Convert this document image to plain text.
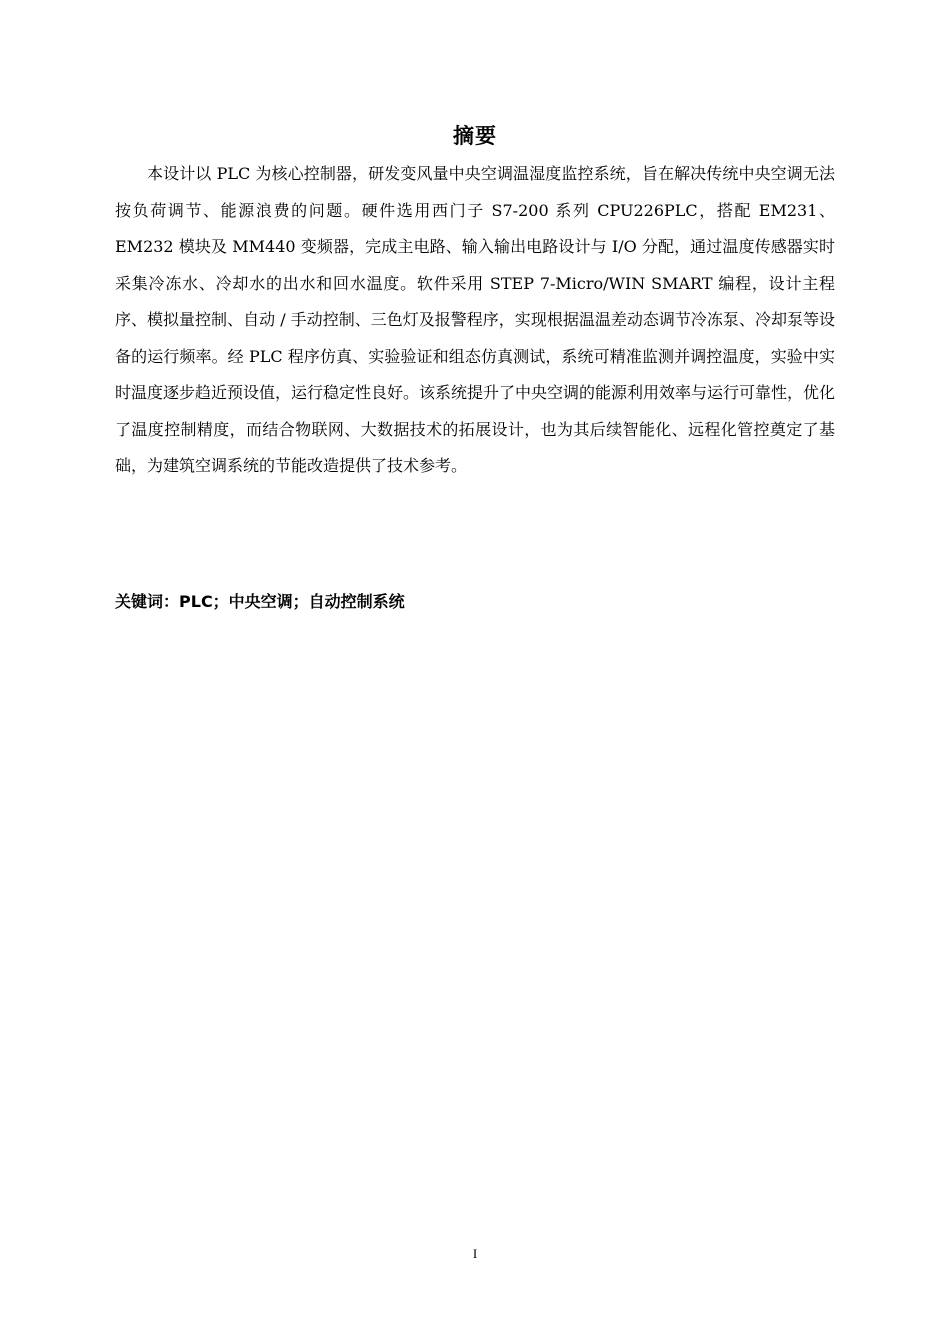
摘要

本设计以 PLC 为核心控制器，研发变风量中央空调温湿度监控系统，旨在解决传统中央空调无法按负荷调节、能源浪费的问题。硬件选用西门子 S7-200 系列 CPU226PLC，搭配 EM231、EM232 模块及 MM440 变频器，完成主电路、输入输出电路设计与 I/O 分配，通过温度传感器实时采集冷冻水、冷却水的出水和回水温度。软件采用 STEP 7-Micro/WIN SMART 编程，设计主程序、模拟量控制、自动 / 手动控制、三色灯及报警程序，实现根据温温差动态调节冷冻泵、冷却泵等设备的运行频率。经 PLC 程序仿真、实验验证和组态仿真测试，系统可精准监测并调控温度，实验中实时温度逐步趋近预设值，运行稳定性良好。该系统提升了中央空调的能源利用效率与运行可靠性，优化了温度控制精度，而结合物联网、大数据技术的拓展设计，也为其后续智能化、远程化管控奠定了基础，为建筑空调系统的节能改造提供了技术参考。

关键词：PLC；中央空调；自动控制系统
I
